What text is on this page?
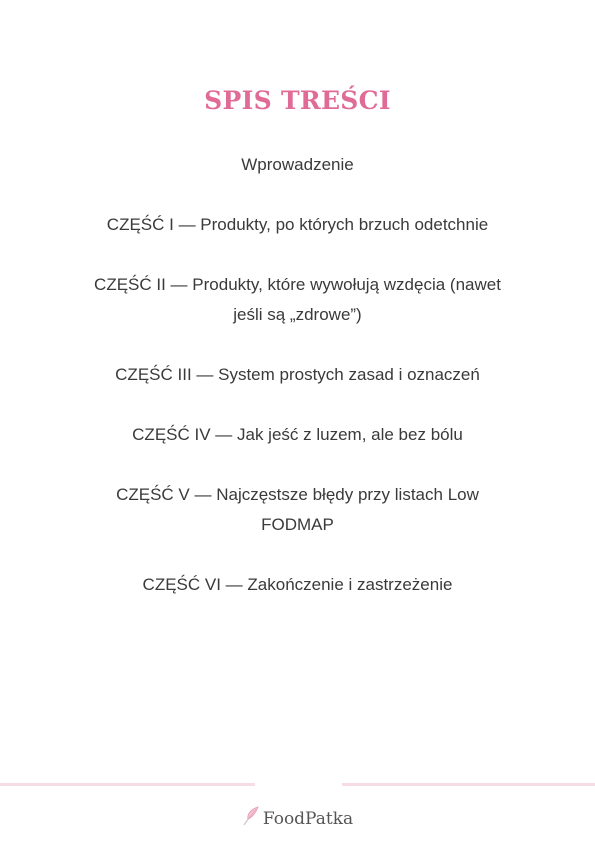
SPIS TREŚCI
Wprowadzenie
CZĘŚĆ I — Produkty, po których brzuch odetchnie
CZĘŚĆ II — Produkty, które wywołują wzdęcia (nawet jeśli są „zdrowe”)
CZĘŚĆ III — System prostych zasad i oznaczeń
CZĘŚĆ IV — Jak jeść z luzem, ale bez bólu
CZĘŚĆ V — Najczęstsze błędy przy listach Low FODMAP
CZĘŚĆ VI — Zakończenie i zastrzeżenie
FoodPatka
